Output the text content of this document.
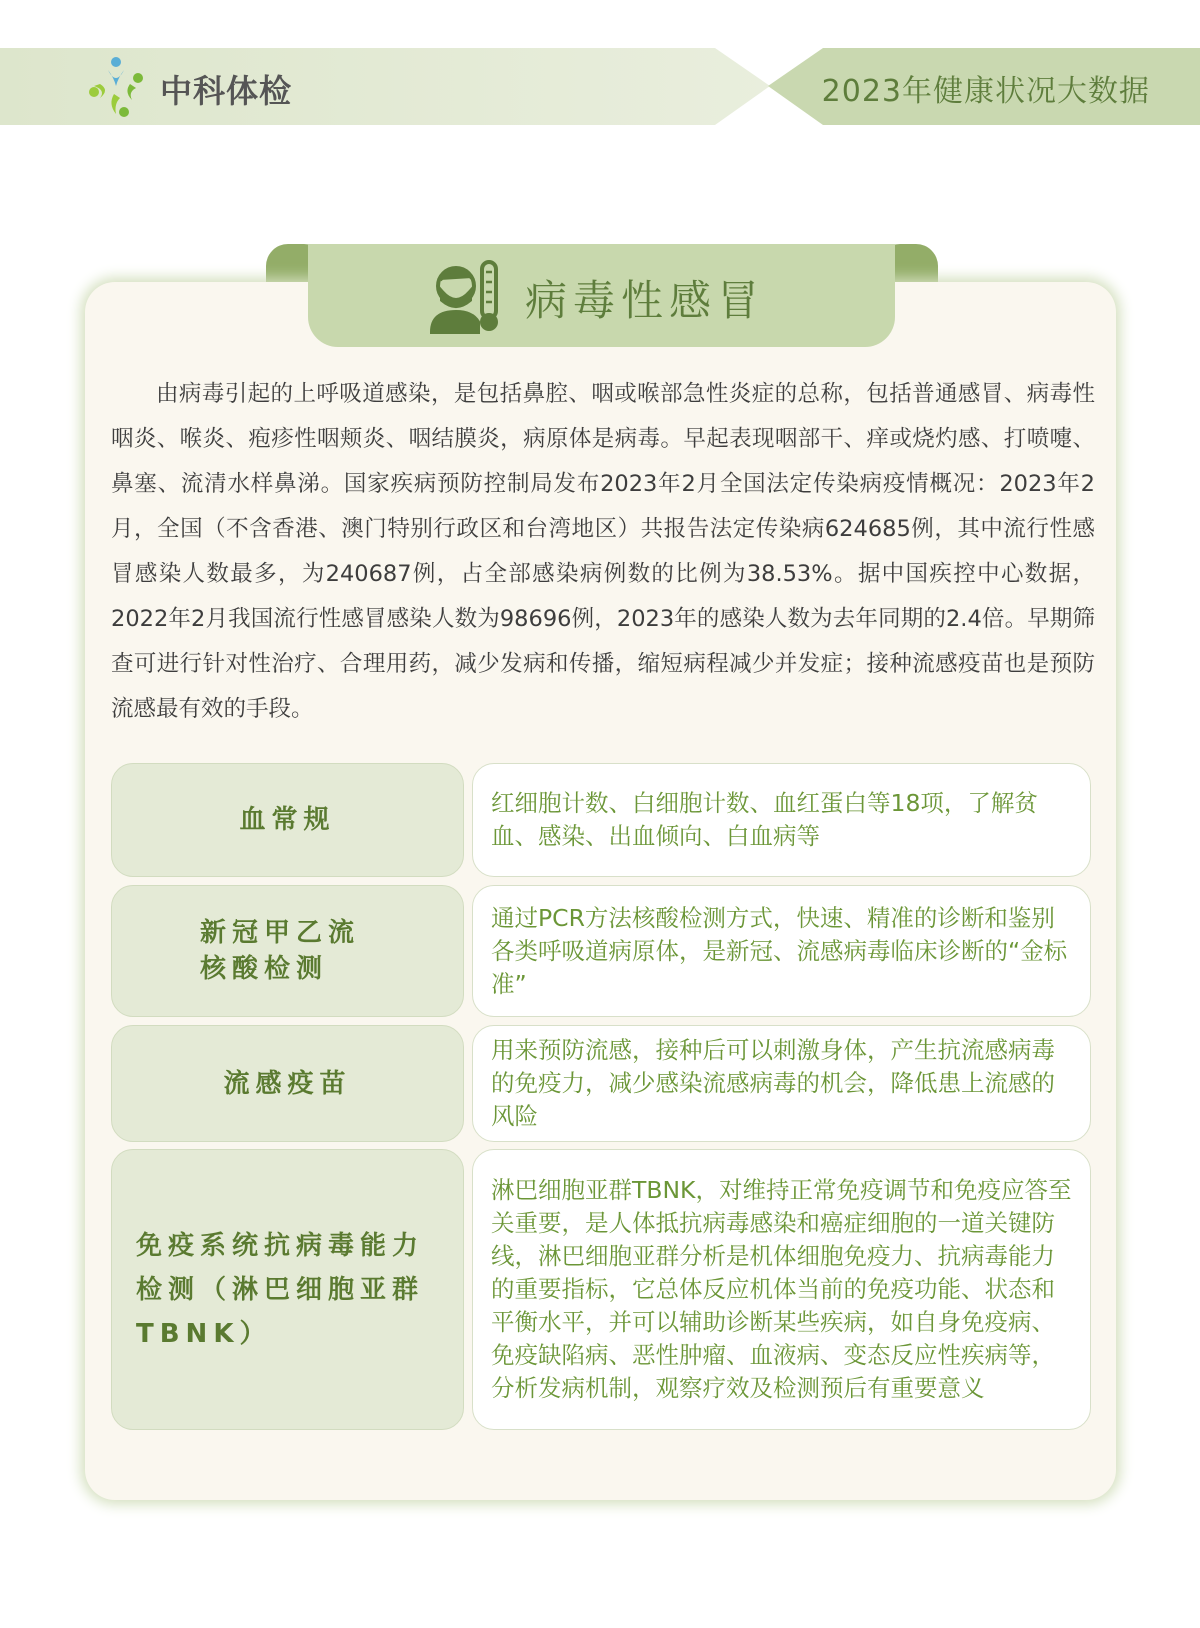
中科体检	2023年健康状况大数据
病毒性感冒

由病毒引起的上呼吸道感染，是包括鼻腔、咽或喉部急性炎症的总称，包括普通感冒、病毒性咽炎、喉炎、疱疹性咽颊炎、咽结膜炎，病原体是病毒。早起表现咽部干、痒或烧灼感、打喷嚏、鼻塞、流清水样鼻涕。国家疾病预防控制局发布2023年2月全国法定传染病疫情概况：2023年2月，全国（不含香港、澳门特别行政区和台湾地区）共报告法定传染病624685例，其中流行性感冒感染人数最多，为240687例，占全部感染病例数的比例为38.53%。据中国疾控中心数据，2022年2月我国流行性感冒感染人数为98696例，2023年的感染人数为去年同期的2.4倍。早期筛查可进行针对性治疗、合理用药，减少发病和传播，缩短病程减少并发症；接种流感疫苗也是预防流感最有效的手段。

血常规
红细胞计数、白细胞计数、血红蛋白等18项，了解贫血、感染、出血倾向、白血病等
新冠甲乙流核酸检测
通过PCR方法核酸检测方式，快速、精准的诊断和鉴别各类呼吸道病原体，是新冠、流感病毒临床诊断的“金标准”
流感疫苗
用来预防流感，接种后可以刺激身体，产生抗流感病毒的免疫力，减少感染流感病毒的机会，降低患上流感的风险
免疫系统抗病毒能力检测（淋巴细胞亚群TBNK）
淋巴细胞亚群TBNK，对维持正常免疫调节和免疫应答至关重要，是人体抵抗病毒感染和癌症细胞的一道关键防线，淋巴细胞亚群分析是机体细胞免疫力、抗病毒能力的重要指标，它总体反应机体当前的免疫功能、状态和平衡水平，并可以辅助诊断某些疾病，如自身免疫病、免疫缺陷病、恶性肿瘤、血液病、变态反应性疾病等，分析发病机制，观察疗效及检测预后有重要意义
